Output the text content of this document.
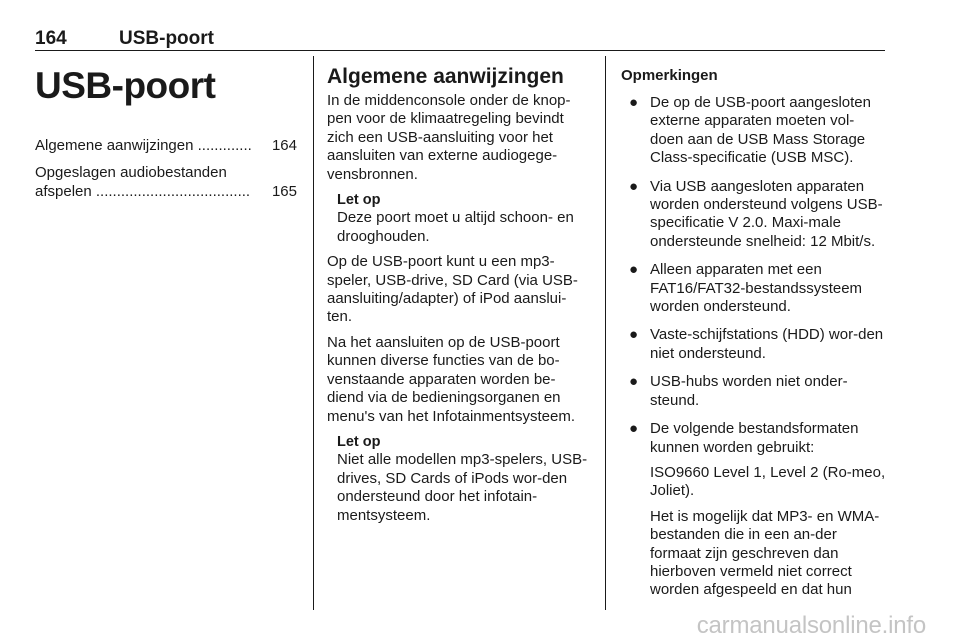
164	USB-poort
USB-poort
Algemene aanwijzingen .............	164
Opgeslagen audiobestanden afspelen .....................................	165
Algemene aanwijzingen

In de middenconsole onder de knop-pen voor de klimaatregeling bevindt zich een USB-aansluiting voor het aansluiten van externe audiogege-vensbronnen.

Let op
Deze poort moet u altijd schoon- en drooghouden.

Op de USB-poort kunt u een mp3-speler, USB-drive, SD Card (via USB-aansluiting/adapter) of iPod aanslui-ten.

Na het aansluiten op de USB-poort kunnen diverse functies van de bo-venstaande apparaten worden be-diend via de bedieningsorganen en menu's van het Infotainmentsysteem.

Let op
Niet alle modellen mp3-spelers, USB-drives, SD Cards of iPods wor-den ondersteund door het infotain-mentsysteem.
Opmerkingen
● De op de USB-poort aangesloten externe apparaten moeten vol-doen aan de USB Mass Storage Class-specificatie (USB MSC).
● Via USB aangesloten apparaten worden ondersteund volgens USB-specificatie V 2.0. Maxi-male ondersteunde snelheid: 12 Mbit/s.
● Alleen apparaten met een FAT16/FAT32-bestandssysteem worden ondersteund.
● Vaste-schijfstations (HDD) wor-den niet ondersteund.
● USB-hubs worden niet onder-steund.
● De volgende bestandsformaten kunnen worden gebruikt:
ISO9660 Level 1, Level 2 (Ro-meo, Joliet).
Het is mogelijk dat MP3- en WMA-bestanden die in een an-der formaat zijn geschreven dan hierboven vermeld niet correct worden afgespeeld en dat hun
carmanualsonline.info
